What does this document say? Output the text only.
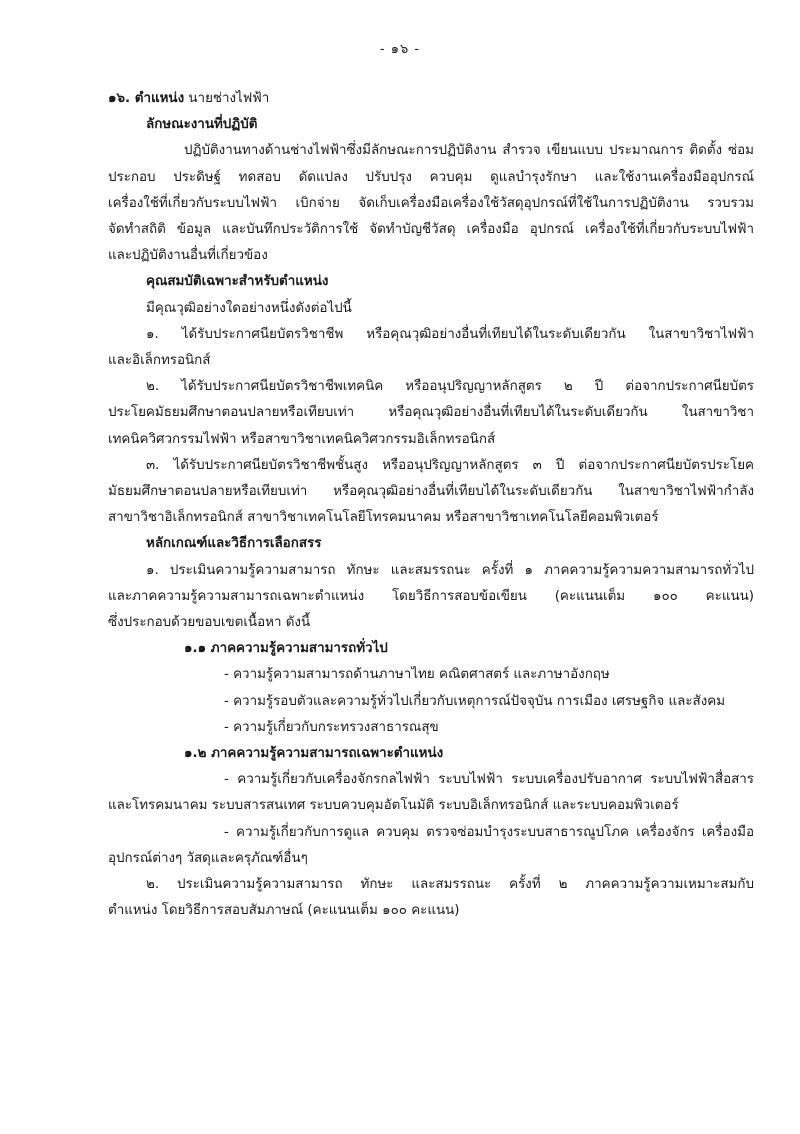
- ๑๖ -
๑๖. ตำแหน่ง นายช่างไฟฟ้า
ลักษณะงานที่ปฏิบัติ
ปฏิบัติงานทางด้านช่างไฟฟ้าซึ่งมีลักษณะการปฏิบัติงาน สำรวจ เขียนแบบ ประมาณการ ติดตั้ง ซ่อม
ประกอบ ประดิษฐ์ ทดสอบ ดัดแปลง ปรับปรุง ควบคุม ดูแลบำรุงรักษา และใช้งานเครื่องมืออุปกรณ์
เครื่องใช้ที่เกี่ยวกับระบบไฟฟ้า เบิกจ่าย จัดเก็บเครื่องมือเครื่องใช้วัสดุอุปกรณ์ที่ใช้ในการปฏิบัติงาน รวบรวม
จัดทำสถิติ ข้อมูล และบันทึกประวัติการใช้ จัดทำบัญชีวัสดุ เครื่องมือ อุปกรณ์ เครื่องใช้ที่เกี่ยวกับระบบไฟฟ้า
และปฏิบัติงานอื่นที่เกี่ยวข้อง
คุณสมบัติเฉพาะสำหรับตำแหน่ง
มีคุณวุฒิอย่างใดอย่างหนึ่งดังต่อไปนี้
๑. ได้รับประกาศนียบัตรวิชาชีพ หรือคุณวุฒิอย่างอื่นที่เทียบได้ในระดับเดียวกัน ในสาขาวิชาไฟฟ้า
และอิเล็กทรอนิกส์
๒. ได้รับประกาศนียบัตรวิชาชีพเทคนิค หรืออนุปริญญาหลักสูตร ๒ ปี ต่อจากประกาศนียบัตร
ประโยคมัธยมศึกษาตอนปลายหรือเทียบเท่า หรือคุณวุฒิอย่างอื่นที่เทียบได้ในระดับเดียวกัน ในสาขาวิชา
เทคนิควิศวกรรมไฟฟ้า หรือสาขาวิชาเทคนิควิศวกรรมอิเล็กทรอนิกส์
๓. ได้รับประกาศนียบัตรวิชาชีพชั้นสูง หรืออนุปริญญาหลักสูตร ๓ ปี ต่อจากประกาศนียบัตรประโยค
มัธยมศึกษาตอนปลายหรือเทียบเท่า หรือคุณวุฒิอย่างอื่นที่เทียบได้ในระดับเดียวกัน ในสาขาวิชาไฟฟ้ากำลัง
สาขาวิชาอิเล็กทรอนิกส์ สาขาวิชาเทคโนโลยีโทรคมนาคม หรือสาขาวิชาเทคโนโลยีคอมพิวเตอร์
หลักเกณฑ์และวิธีการเลือกสรร
๑. ประเมินความรู้ความสามารถ ทักษะ และสมรรถนะ ครั้งที่ ๑ ภาคความรู้ความความสามารถทั่วไป
และภาคความรู้ความสามารถเฉพาะตำแหน่ง โดยวิธีการสอบข้อเขียน (คะแนนเต็ม ๑๐๐ คะแนน)
ซึ่งประกอบด้วยขอบเขตเนื้อหา ดังนี้
๑.๑ ภาคความรู้ความสามารถทั่วไป
- ความรู้ความสามารถด้านภาษาไทย คณิตศาสตร์ และภาษาอังกฤษ
- ความรู้รอบตัวและความรู้ทั่วไปเกี่ยวกับเหตุการณ์ปัจจุบัน การเมือง เศรษฐกิจ และสังคม
- ความรู้เกี่ยวกับกระทรวงสาธารณสุข
๑.๒ ภาคความรู้ความสามารถเฉพาะตำแหน่ง
- ความรู้เกี่ยวกับเครื่องจักรกลไฟฟ้า ระบบไฟฟ้า ระบบเครื่องปรับอากาศ ระบบไฟฟ้าสื่อสาร
และโทรคมนาคม ระบบสารสนเทศ ระบบควบคุมอัตโนมัติ ระบบอิเล็กทรอนิกส์ และระบบคอมพิวเตอร์
- ความรู้เกี่ยวกับการดูแล ควบคุม ตรวจซ่อมบำรุงระบบสาธารณูปโภค เครื่องจักร เครื่องมือ
อุปกรณ์ต่างๆ วัสดุและครุภัณฑ์อื่นๆ
๒. ประเมินความรู้ความสามารถ ทักษะ และสมรรถนะ ครั้งที่ ๒ ภาคความรู้ความเหมาะสมกับ
ตำแหน่ง โดยวิธีการสอบสัมภาษณ์ (คะแนนเต็ม ๑๐๐ คะแนน)
